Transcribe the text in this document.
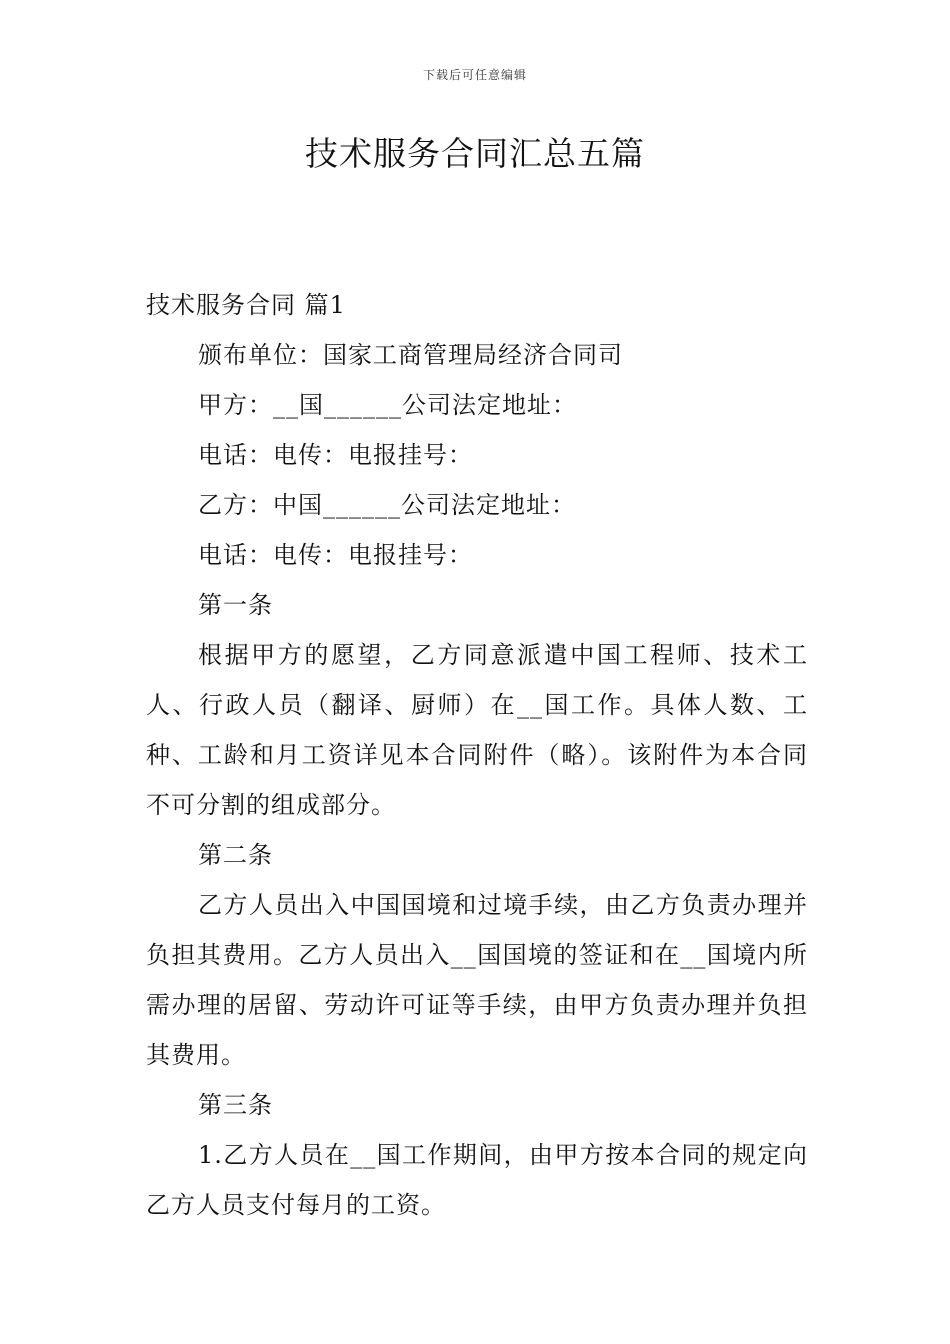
下载后可任意编辑
技术服务合同汇总五篇

技术服务合同 篇1

颁布单位：国家工商管理局经济合同司

甲方：__国______公司法定地址：

电话：电传：电报挂号：

乙方：中国______公司法定地址：

电话：电传：电报挂号：

第一条

根据甲方的愿望，乙方同意派遣中国工程师、技术工人、行政人员（翻译、厨师）在__国工作。具体人数、工种、工龄和月工资详见本合同附件（略）。该附件为本合同不可分割的组成部分。

第二条

乙方人员出入中国国境和过境手续，由乙方负责办理并负担其费用。乙方人员出入__国国境的签证和在__国境内所需办理的居留、劳动许可证等手续，由甲方负责办理并负担其费用。

第三条

1.乙方人员在__国工作期间，由甲方按本合同的规定向乙方人员支付每月的工资。
